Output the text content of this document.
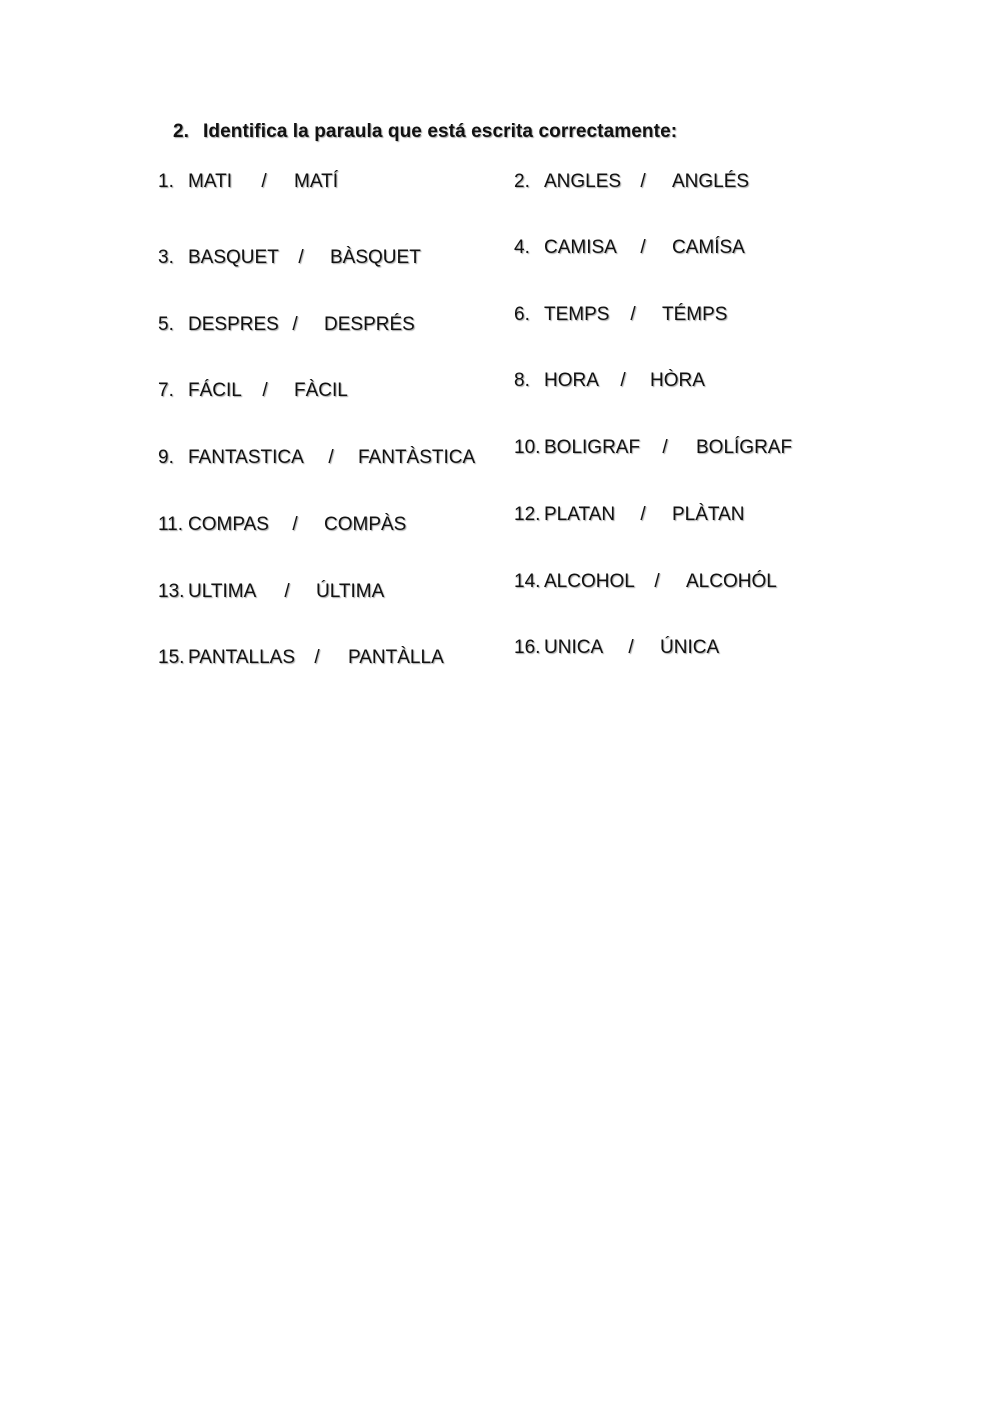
2. Identifica la paraula que está escrita correctamente:
1. MATI / MATÍ
3. BASQUET / BÀSQUET
5. DESPRES / DESPRÉS
7. FÁCIL / FÀCIL
9. FANTASTICA / FANTÀSTICA
11. COMPAS / COMPÀS
13. ULTIMA / ÚLTIMA
15. PANTALLAS / PANTÀLLA
2. ANGLES / ANGLÉS
4. CAMISA / CAMÍSA
6. TEMPS / TÉMPS
8. HORA / HÒRA
10. BOLIGRAF / BOLÍGRAF
12. PLATAN / PLÀTAN
14. ALCOHOL / ALCOHÓL
16. UNICA / ÚNICA
